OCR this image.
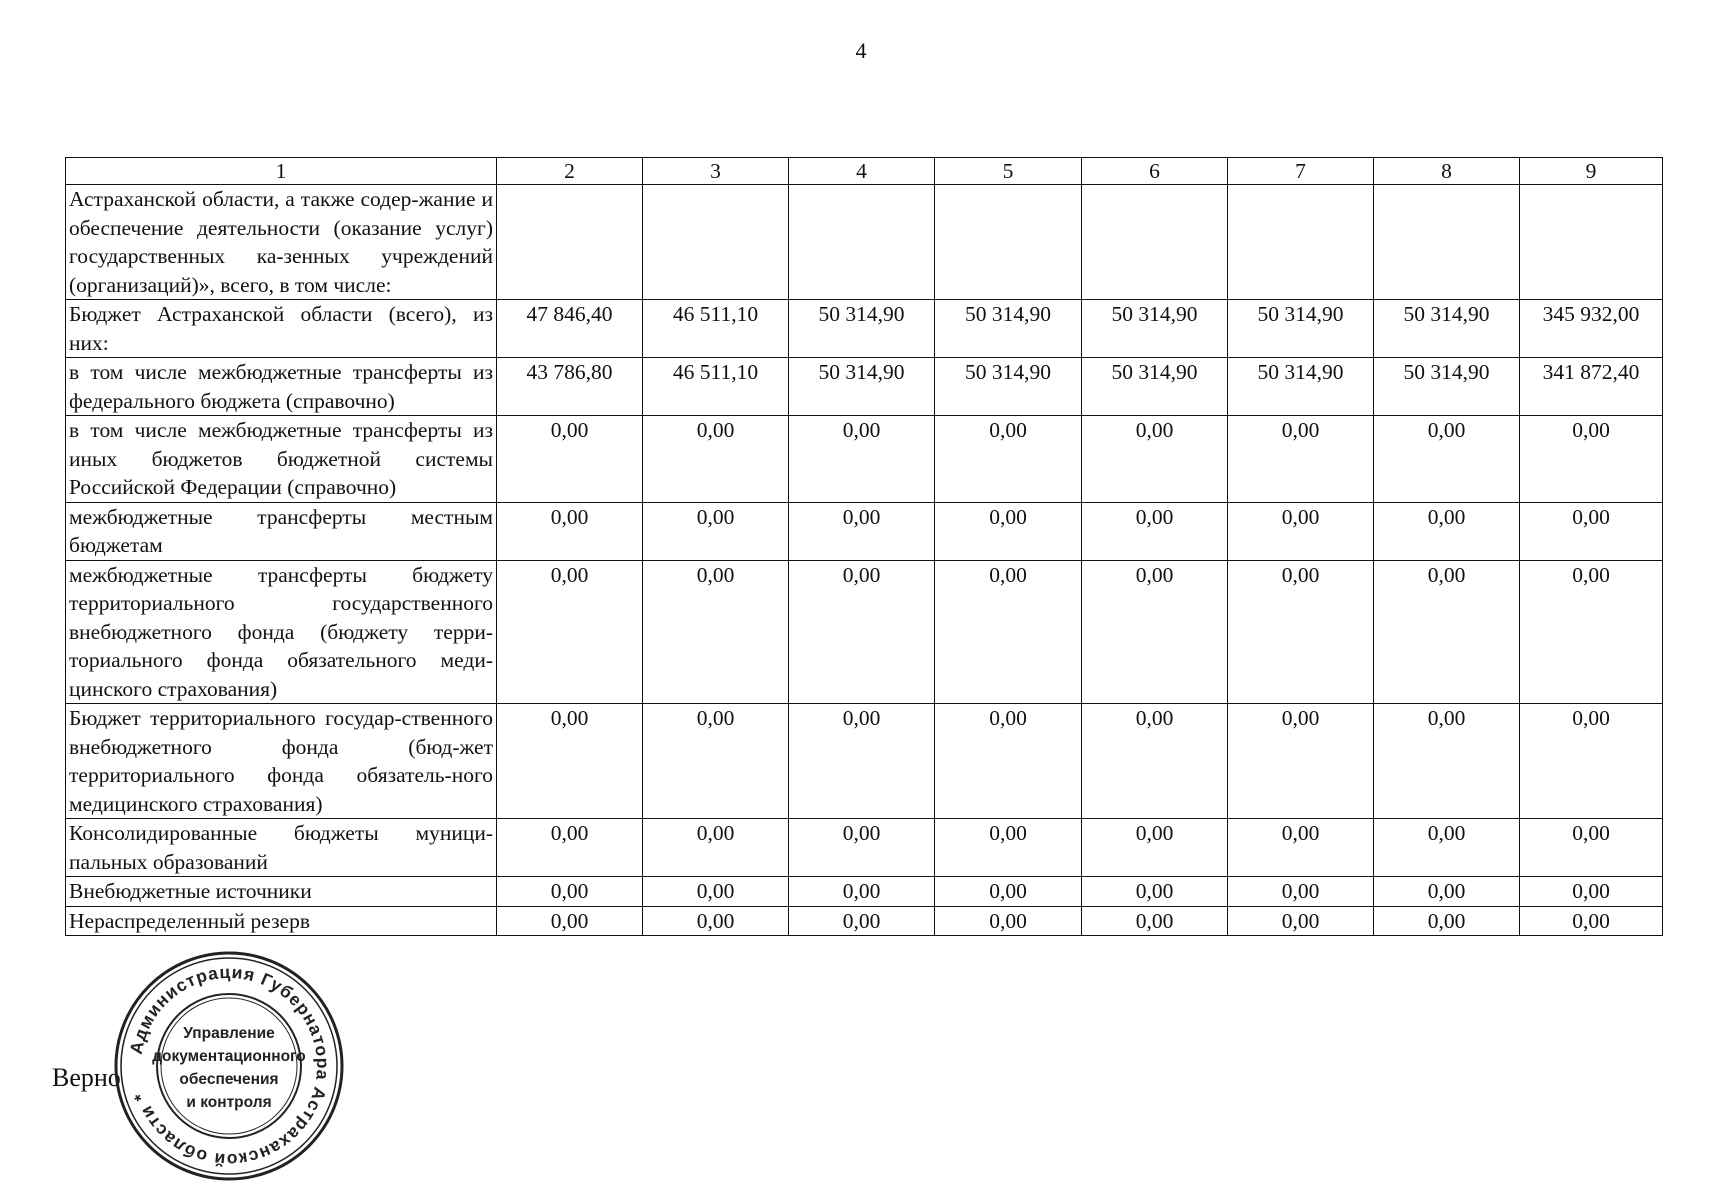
4
1	2	3	4	5	6	7	8	9
Астраханской области, а также содер-жание и обеспечение деятельности (оказание услуг) государственных ка-зенных учреждений (организаций)», всего, в том числе:								
Бюджет Астраханской области (всего), из них:	47 846,40	46 511,10	50 314,90	50 314,90	50 314,90	50 314,90	50 314,90	345 932,00
в том числе межбюджетные трансферты из федерального бюджета (справочно)	43 786,80	46 511,10	50 314,90	50 314,90	50 314,90	50 314,90	50 314,90	341 872,40
в том числе межбюджетные трансферты из иных бюджетов бюджетной системы Российской Федерации (справочно)	0,00	0,00	0,00	0,00	0,00	0,00	0,00	0,00
межбюджетные трансферты местным бюджетам	0,00	0,00	0,00	0,00	0,00	0,00	0,00	0,00
межбюджетные трансферты бюджету территориального государственного внебюджетного фонда (бюджету терри-ториального фонда обязательного меди-цинского страхования)	0,00	0,00	0,00	0,00	0,00	0,00	0,00	0,00
Бюджет территориального государ-ственного внебюджетного фонда (бюд-жет территориального фонда обязатель-ного медицинского страхования)	0,00	0,00	0,00	0,00	0,00	0,00	0,00	0,00
Консолидированные бюджеты муници-пальных образований	0,00	0,00	0,00	0,00	0,00	0,00	0,00	0,00
Внебюджетные источники	0,00	0,00	0,00	0,00	0,00	0,00	0,00	0,00
Нераспределенный резерв	0,00	0,00	0,00	0,00	0,00	0,00	0,00	0,00
Верно
Администрация Губернатора Астраханской области *
Управление
документационного
обеспечения
и контроля
